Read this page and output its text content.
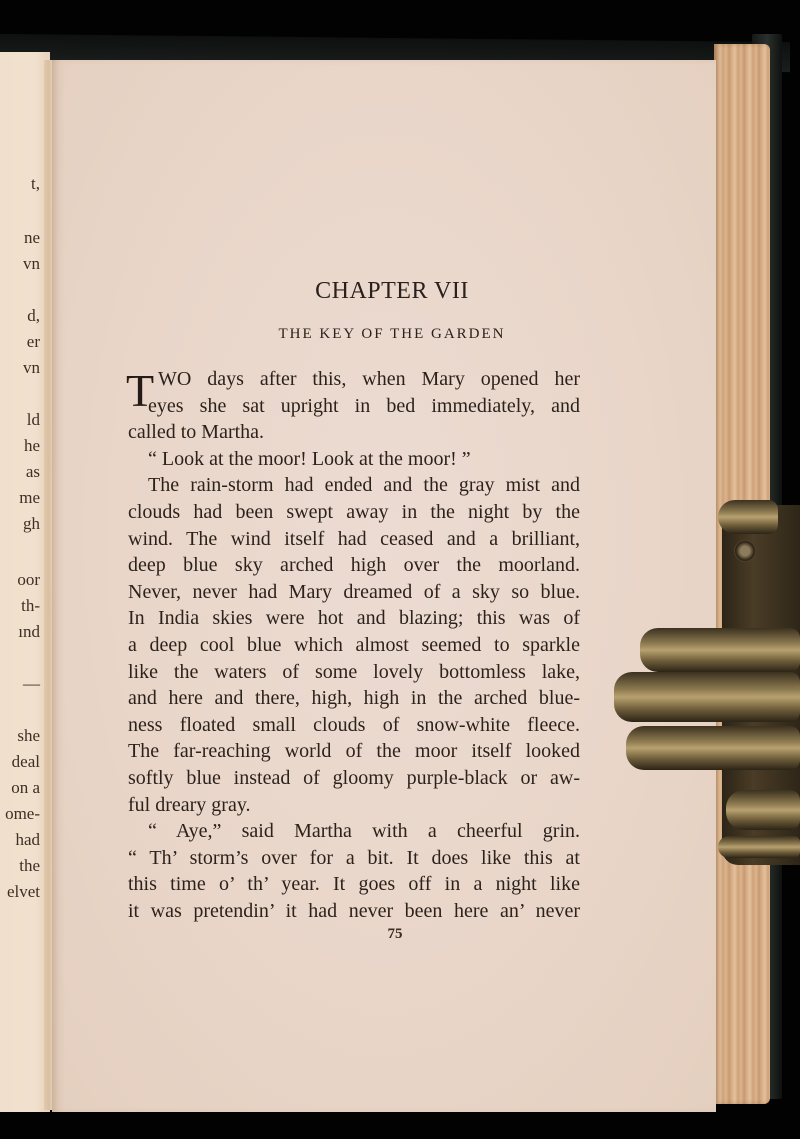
t,
ne
vn
d,
er
vn
ld
he
as
me
gh
oor
th-
ınd
—
she
deal
on a
ome-
had
the
elvet
CHAPTER VII
THE KEY OF THE GARDEN
T WO days after this, when Mary opened her
eyes she sat upright in bed immediately, and
called to Martha.
“ Look at the moor! Look at the moor! ”
The rain-storm had ended and the gray mist and
clouds had been swept away in the night by the
wind. The wind itself had ceased and a brilliant,
deep blue sky arched high over the moorland.
Never, never had Mary dreamed of a sky so blue.
In India skies were hot and blazing; this was of
a deep cool blue which almost seemed to sparkle
like the waters of some lovely bottomless lake,
and here and there, high, high in the arched blue-
ness floated small clouds of snow-white fleece.
The far-reaching world of the moor itself looked
softly blue instead of gloomy purple-black or aw-
ful dreary gray.
“ Aye,” said Martha with a cheerful grin.
“ Th’ storm’s over for a bit. It does like this at
this time o’ th’ year. It goes off in a night like
it was pretendin’ it had never been here an’ never
75
